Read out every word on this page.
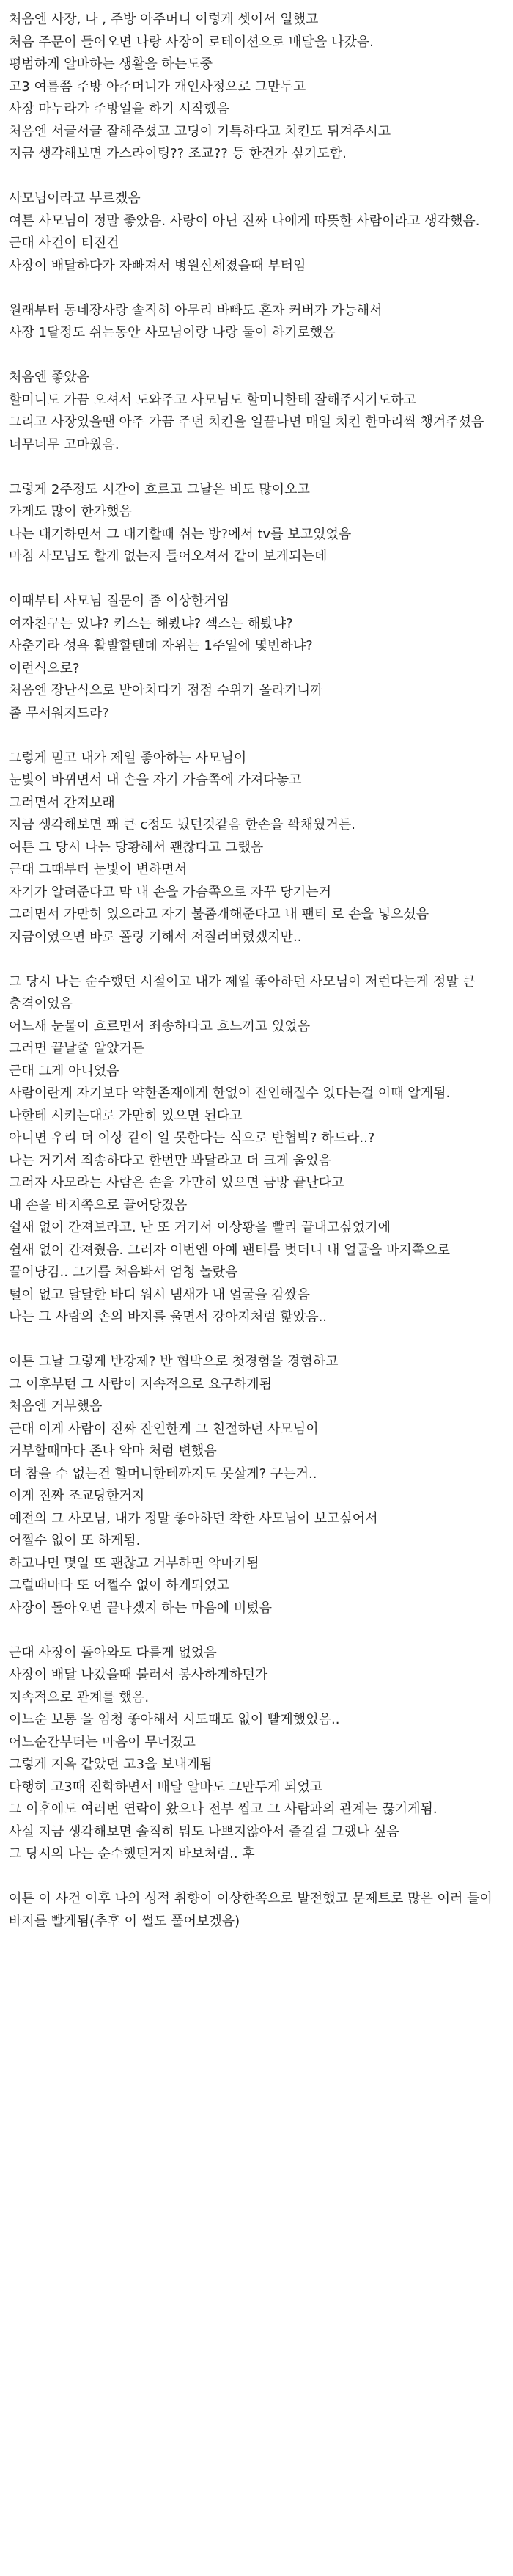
처음엔 사장, 나 , 주방 아주머니 이렇게 셋이서 일했고
처음 주문이 들어오면 나랑 사장이 로테이션으로 배달을 나갔음.
평범하게 알바하는 생활을 하는도중
고3 여름쯤 주방 아주머니가 개인사정으로 그만두고
사장 마누라가 주방일을 하기 시작했음
처음엔 서글서글 잘해주셨고 고딩이 기특하다고 치킨도 튀겨주시고
지금 생각해보면 가스라이팅?? 조교?? 등 한건가 싶기도함.
사모님이라고 부르겠음
여튼 사모님이 정말 좋았음. 사랑이 아닌 진짜 나에게 따뜻한 사람이라고 생각했음.
근대 사건이 터진건
사장이 배달하다가 자빠져서 병원신세졌을때 부터임
원래부터 동네장사랑 솔직히 아무리 바빠도 혼자 커버가 가능해서
사장 1달정도 쉬는동안 사모님이랑 나랑 둘이 하기로했음
처음엔 좋았음
할머니도 가끔 오셔서 도와주고 사모님도 할머니한테 잘해주시기도하고
그리고 사장있을땐 아주 가끔 주던 치킨을 일끝나면 매일 치킨 한마리씩 챙겨주셨음
너무너무 고마웠음.
그렇게 2주정도 시간이 흐르고 그날은 비도 많이오고
가게도 많이 한가했음
나는 대기하면서 그 대기할때 쉬는 방?에서 tv를 보고있었음
마침 사모님도 할게 없는지 들어오셔서 같이 보게되는데
이때부터 사모님 질문이 좀 이상한거임
여자친구는 있냐? 키스는 해봤냐? 섹스는 해봤냐?
사춘기라 성욕 활발할텐데 자위는 1주일에 몇번하냐?
이런식으로?
처음엔 장난식으로 받아치다가 점점 수위가 올라가니까
좀 무서워지드라?
그렇게 믿고 내가 제일 좋아하는 사모님이
눈빛이 바뀌면서 내 손을 자기 가슴쪽에 가져다놓고
그러면서 간져보래
지금 생각해보면 꽤 큰 c정도 됬던것같음 한손을 꽉채웠거든.
여튼 그 당시 나는 당황해서 괜찮다고 그랬음
근대 그때부터 눈빛이 변하면서
자기가 알려준다고 막 내 손을 가슴쪽으로 자꾸 당기는거
그러면서 가만히 있으라고 자기 불좀개해준다고 내 팬티 로 손을 넣으셨음
지금이였으면 바로 폴링 기해서 저질러버렸겠지만..
그 당시 나는 순수했던 시절이고 내가 제일 좋아하던 사모님이 저런다는게 정말 큰 충격이었음
어느새 눈물이 흐르면서 죄송하다고 흐느끼고 있었음
그러면 끝날줄 알았거든
근대 그게 아니었음
사람이란게 자기보다 약한존재에게 한없이 잔인해질수 있다는걸 이때 알게됨.
나한테 시키는대로 가만히 있으면 된다고
아니면 우리 더 이상 같이 일 못한다는 식으로 반협박? 하드라..?
나는 거기서 죄송하다고 한번만 봐달라고 더 크게 울었음
그러자 사모라는 사람은 손을 가만히 있으면 금방 끝난다고
내 손을 바지쪽으로 끌어당겼음
쉴새 없이 간져보라고. 난 또 거기서 이상황을 빨리 끝내고싶었기에
쉴새 없이 간져줬음. 그러자 이번엔 아예 팬티를 벗더니 내 얼굴을 바지쪽으로 끌어당김.. 그기를 처음봐서 엄청 놀랐음
털이 없고 달달한 바디 워시 냄새가 내 얼굴을 감쌌음
나는 그 사람의 손의 바지를 울면서 강아지처럼 핥았음..
여튼 그날 그렇게 반강제? 반 협박으로 첫경험을 경험하고
그 이후부턴 그 사람이 지속적으로 요구하게됨
처음엔 거부했음
근대 이게 사람이 진짜 잔인한게 그 친절하던 사모님이
거부할때마다 존나 악마 처럼 변했음
더 참을 수 없는건 할머니한테까지도 못살게? 구는거..
이게 진짜 조교당한거지
예전의 그 사모님, 내가 정말 좋아하던 착한 사모님이 보고싶어서
어쩔수 없이 또 하게됨.
하고나면 몇일 또 괜찮고 거부하면 악마가됨
그럴때마다 또 어쩔수 없이 하게되었고
사장이 돌아오면 끝나겠지 하는 마음에 버텼음
근대 사장이 돌아와도 다를게 없었음
사장이 배달 나갔을때 불러서 봉사하게하던가
지속적으로 관계를 했음.
이느순 보통 을 엄청 좋아해서 시도때도 없이 빨게했었음..
어느순간부터는 마음이 무너졌고
그렇게 지옥 같았던 고3을 보내게됨
다행히 고3때 진학하면서 배달 알바도 그만두게 되었고
그 이후에도 여러번 연락이 왔으나 전부 씹고 그 사람과의 관계는 끊기게됨.
사실 지금 생각해보면 솔직히 뭐도 나쁘지않아서 즐길걸 그랬나 싶음
그 당시의 나는 순수했던거지 바보처럼.. 후
여튼 이 사건 이후 나의 성적 취향이 이상한쪽으로 발전했고 문제트로 많은 여러 들이 바지를 빨게됨(추후 이 썰도 풀어보겠음)
